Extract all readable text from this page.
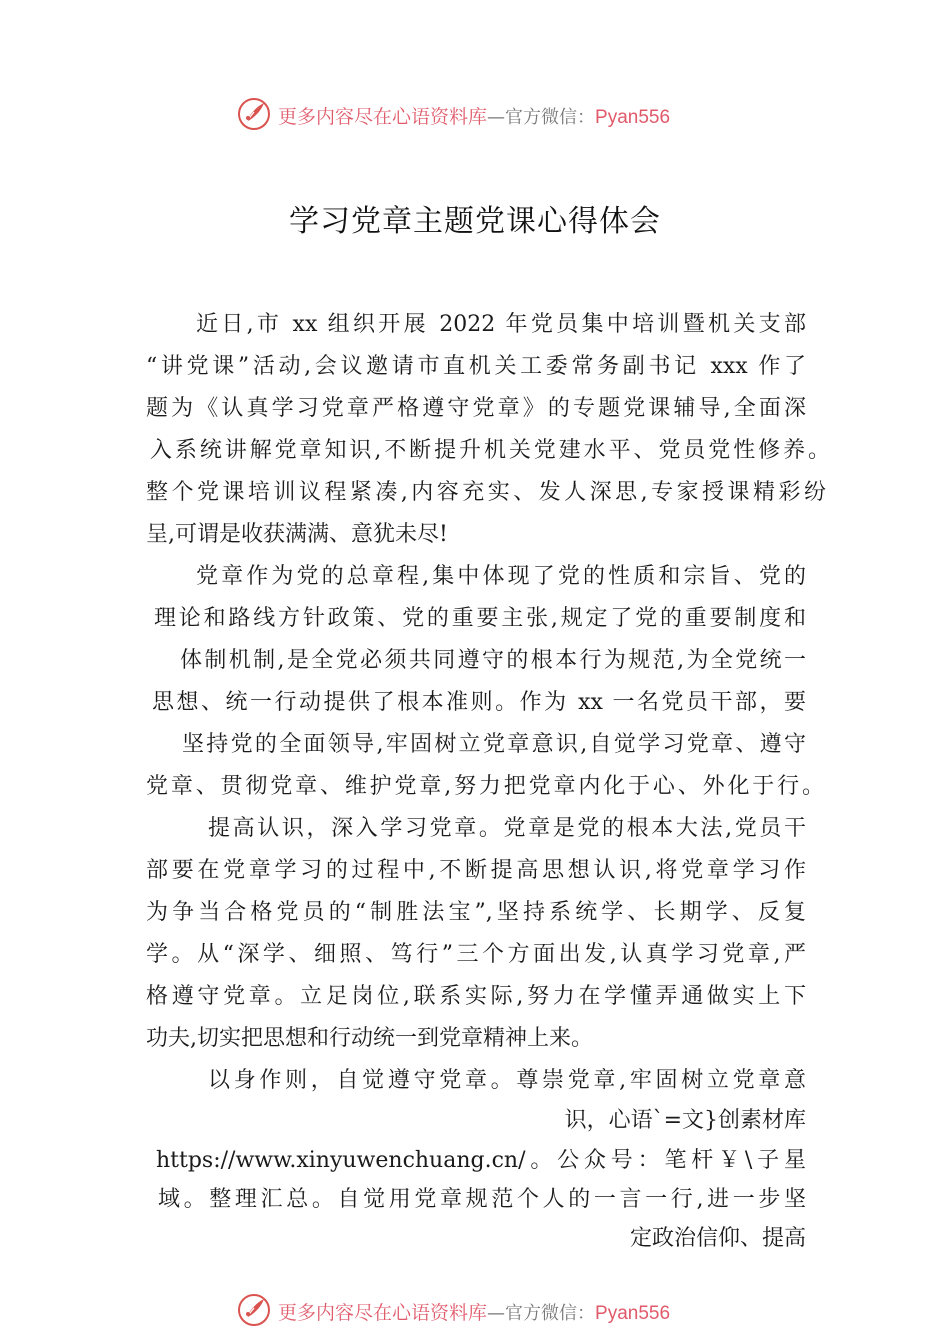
更多内容尽在心语资料库—官方微信：Pyan556
学习党章主题党课心得体会
近日,市 xx 组织开展 2022 年党员集中培训暨机关支部
“讲党课”活动,会议邀请市直机关工委常务副书记 xxx 作了
题为《认真学习党章严格遵守党章》的专题党课辅导,全面深
入系统讲解党章知识,不断提升机关党建水平、党员党性修养。
整个党课培训议程紧凑,内容充实、发人深思,专家授课精彩纷
呈,可谓是收获满满、意犹未尽!
党章作为党的总章程,集中体现了党的性质和宗旨、党的
理论和路线方针政策、党的重要主张,规定了党的重要制度和
体制机制,是全党必须共同遵守的根本行为规范,为全党统一
思想、统一行动提供了根本准则。作为 xx 一名党员干部，要
坚持党的全面领导,牢固树立党章意识,自觉学习党章、遵守
党章、贯彻党章、维护党章,努力把党章内化于心、外化于行。
提高认识，深入学习党章。党章是党的根本大法,党员干
部要在党章学习的过程中,不断提高思想认识,将党章学习作
为争当合格党员的“制胜法宝”,坚持系统学、长期学、反复
学。从“深学、细照、笃行”三个方面出发,认真学习党章,严
格遵守党章。立足岗位,联系实际,努力在学懂弄通做实上下
功夫,切实把思想和行动统一到党章精神上来。
以身作则，自觉遵守党章。尊崇党章,牢固树立党章意
识，心语`=文}创素材库
https://www.xinyuwenchuang.cn/。公众号：笔杆￥\子星
域。整理汇总。自觉用党章规范个人的一言一行,进一步坚
定政治信仰、提高
更多内容尽在心语资料库—官方微信：Pyan556
